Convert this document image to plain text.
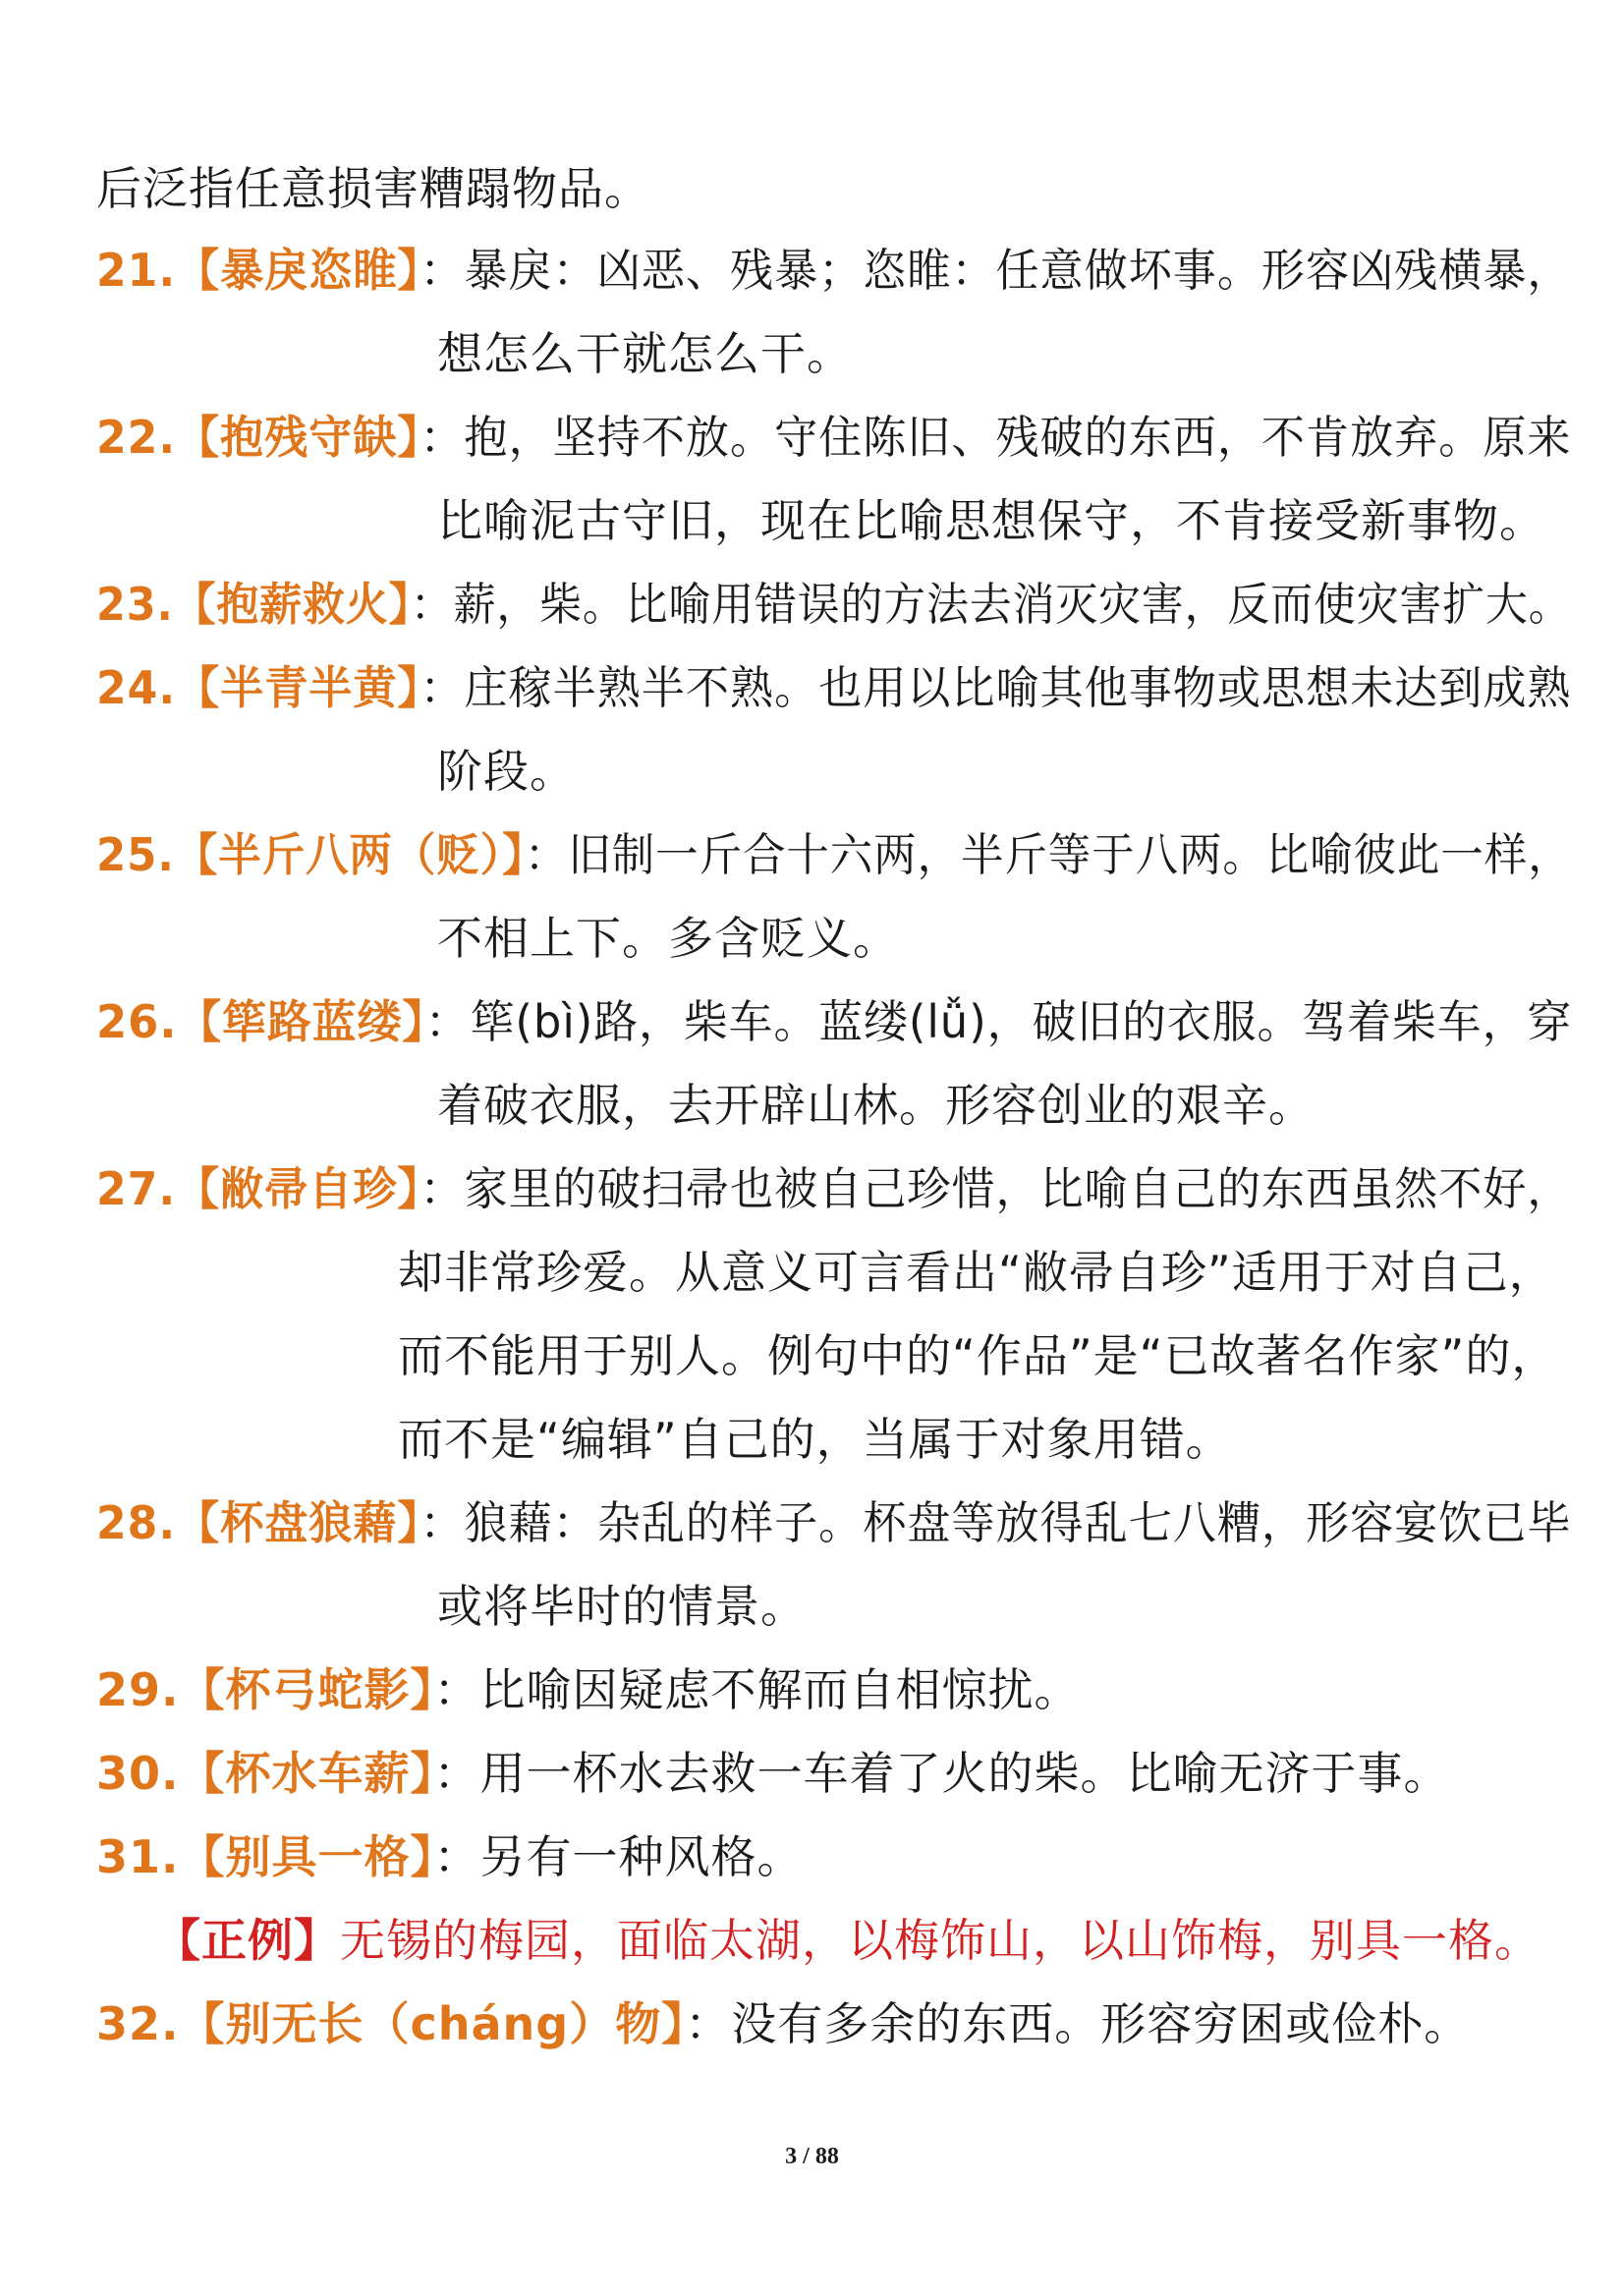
后泛指任意损害糟蹋物品。
21.【暴戾恣睢】：暴戾：凶恶、残暴；恣睢：任意做坏事。形容凶残横暴，
想怎么干就怎么干。
22.【抱残守缺】：抱，坚持不放。守住陈旧、残破的东西，不肯放弃。原来
比喻泥古守旧，现在比喻思想保守，不肯接受新事物。
23.【抱薪救火】：薪，柴。比喻用错误的方法去消灭灾害，反而使灾害扩大。
24.【半青半黄】：庄稼半熟半不熟。也用以比喻其他事物或思想未达到成熟
阶段。
25.【半斤八两（贬）】：旧制一斤合十六两，半斤等于八两。比喻彼此一样，
不相上下。多含贬义。
26.【筚路蓝缕】：筚(bì)路，柴车。蓝缕(lǚ)，破旧的衣服。驾着柴车，穿
着破衣服，去开辟山林。形容创业的艰辛。
27.【敝帚自珍】：家里的破扫帚也被自己珍惜，比喻自己的东西虽然不好，
却非常珍爱。从意义可言看出“敝帚自珍”适用于对自己，
而不能用于别人。例句中的“作品”是“已故著名作家”的，
而不是“编辑”自己的，当属于对象用错。
28.【杯盘狼藉】：狼藉：杂乱的样子。杯盘等放得乱七八糟，形容宴饮已毕
或将毕时的情景。
29.【杯弓蛇影】：比喻因疑虑不解而自相惊扰。
30.【杯水车薪】：用一杯水去救一车着了火的柴。比喻无济于事。
31.【别具一格】：另有一种风格。
【正例】无锡的梅园，面临太湖，以梅饰山，以山饰梅，别具一格。
32.【别无长（cháng）物】：没有多余的东西。形容穷困或俭朴。
3 / 88
